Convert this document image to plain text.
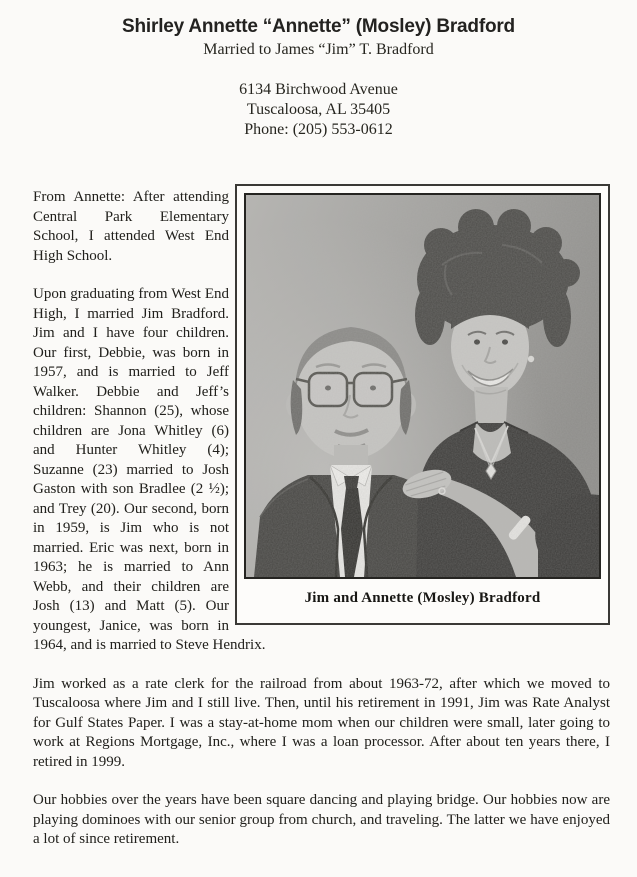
Shirley Annette “Annette” (Mosley) Bradford
Married to James “Jim” T. Bradford
6134 Birchwood Avenue
Tuscaloosa, AL 35405
Phone: (205) 553-0612
Jim and Annette (Mosley) Bradford

From Annette: After attending Central Park Elementary School, I attended West End High School.

Upon graduating from West End High, I married Jim Bradford. Jim and I have four children. Our first, Debbie, was born in 1957, and is married to Jeff Walker. Debbie and Jeff’s children: Shannon (25), whose children are Jona Whitley (6) and Hunter Whitley (4); Suzanne (23) married to Josh Gaston with son Bradlee (2 ½); and Trey (20). Our second, born in 1959, is Jim who is not married. Eric was next, born in 1963; he is married to Ann Webb, and their children are Josh (13) and Matt (5). Our youngest, Janice, was born in 1964, and is married to Steve Hendrix.

Jim worked as a rate clerk for the railroad from about 1963-72, after which we moved to Tuscaloosa where Jim and I still live. Then, until his retirement in 1991, Jim was Rate Analyst for Gulf States Paper. I was a stay-at-home mom when our children were small, later going to work at Regions Mortgage, Inc., where I was a loan processor. After about ten years there, I retired in 1999.

Our hobbies over the years have been square dancing and playing bridge. Our hobbies now are playing dominoes with our senior group from church, and traveling. The latter we have enjoyed a lot of since retirement.
